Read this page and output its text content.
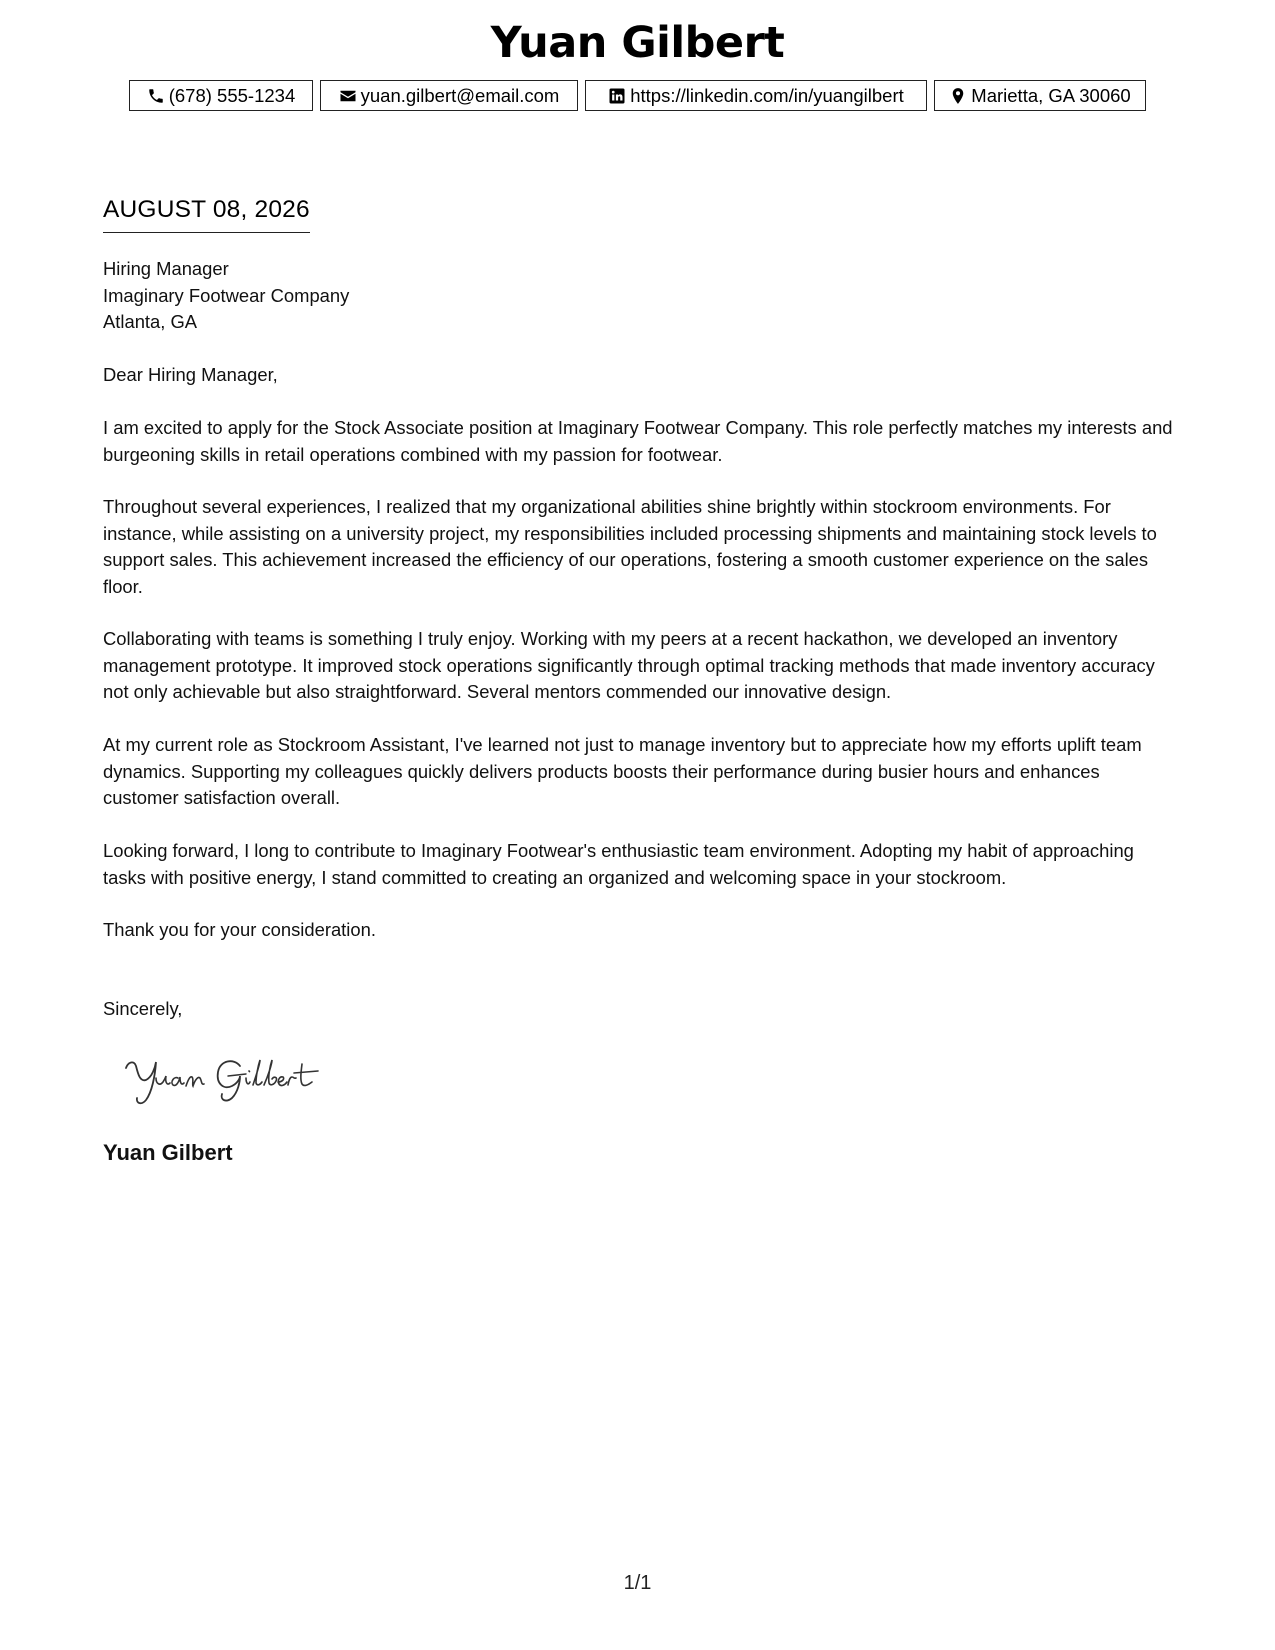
Yuan Gilbert
(678) 555-1234	yuan.gilbert@email.com	https://linkedin.com/in/yuangilbert	Marietta, GA 30060
AUGUST 08, 2026
Hiring Manager
Imaginary Footwear Company
Atlanta, GA
Dear Hiring Manager,

I am excited to apply for the Stock Associate position at Imaginary Footwear Company. This role perfectly matches my interests and burgeoning skills in retail operations combined with my passion for footwear.

Throughout several experiences, I realized that my organizational abilities shine brightly within stockroom environments. For instance, while assisting on a university project, my responsibilities included processing shipments and maintaining stock levels to support sales. This achievement increased the efficiency of our operations, fostering a smooth customer experience on the sales floor.

Collaborating with teams is something I truly enjoy. Working with my peers at a recent hackathon, we developed an inventory management prototype. It improved stock operations significantly through optimal tracking methods that made inventory accuracy not only achievable but also straightforward. Several mentors commended our innovative design.

At my current role as Stockroom Assistant, I've learned not just to manage inventory but to appreciate how my efforts uplift team dynamics. Supporting my colleagues quickly delivers products boosts their performance during busier hours and enhances customer satisfaction overall.

Looking forward, I long to contribute to Imaginary Footwear's enthusiastic team environment. Adopting my habit of approaching tasks with positive energy, I stand committed to creating an organized and welcoming space in your stockroom.

Thank you for your consideration.
Sincerely,
Yuan Gilbert
1/1
